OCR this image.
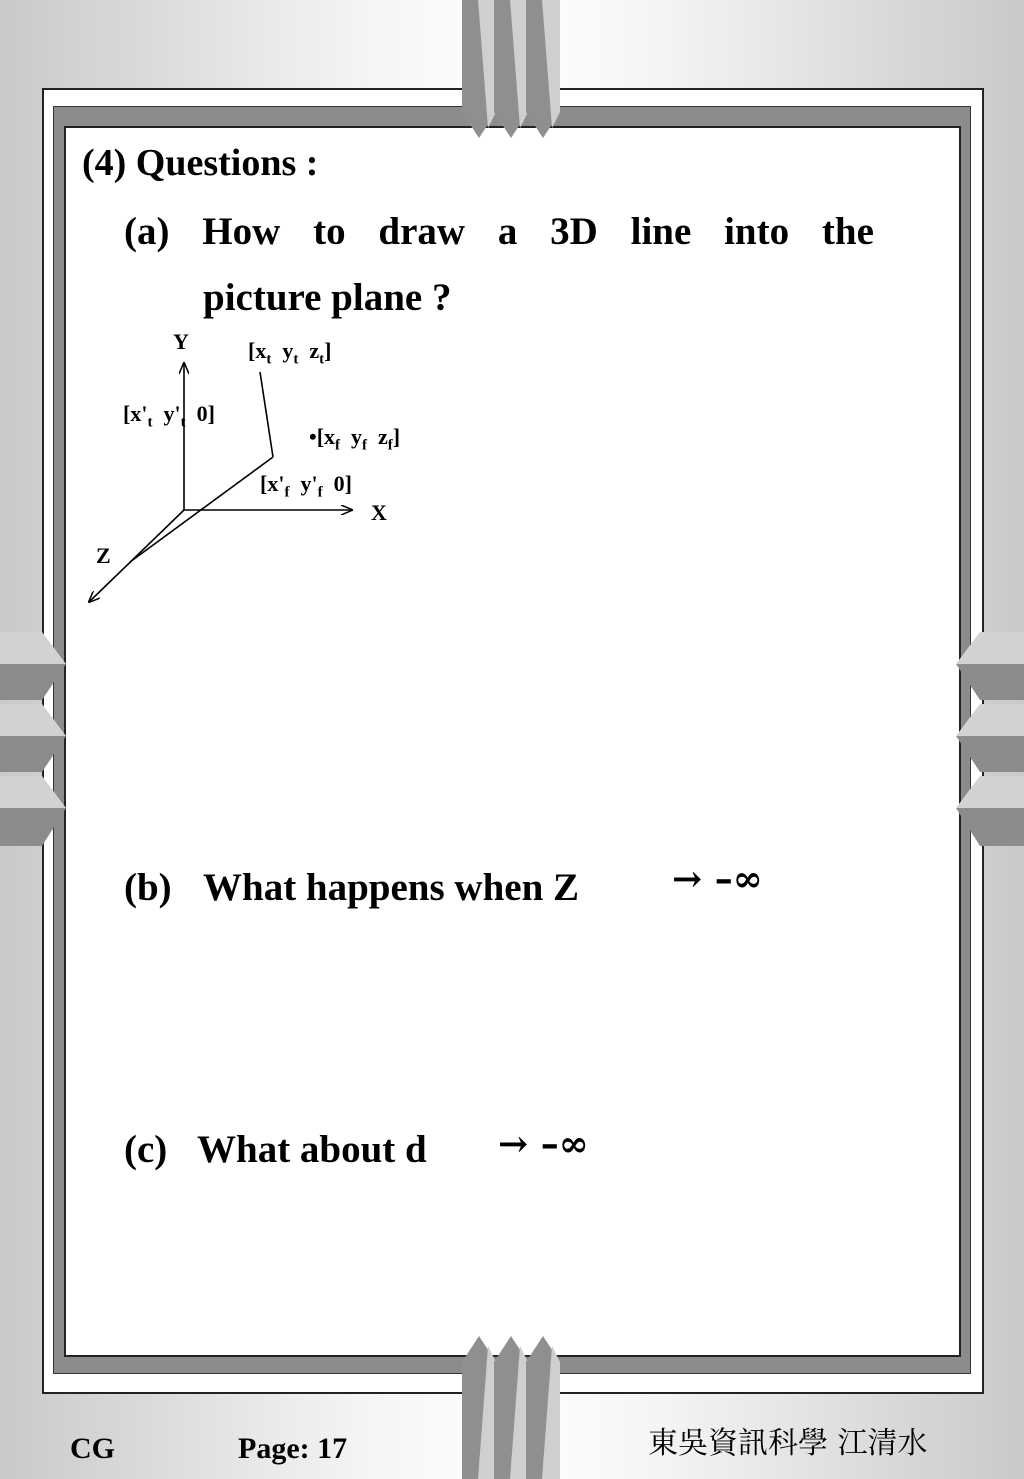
(4) Questions :
(a) How to draw a 3D line into the
picture plane ?
Y
X
Z
[$x_t$ $y_t$ $z_t$]
[$x'_t$ $y'_t$ 0]
$•[x_f$ $y_f$ $z_f$]
[$x'_f$ $y'_f$ 0]
(b) What happens when Z	→ –∞
(c) What about d → –∞
CG	Page: 17	東吳資訊科學 江清水
